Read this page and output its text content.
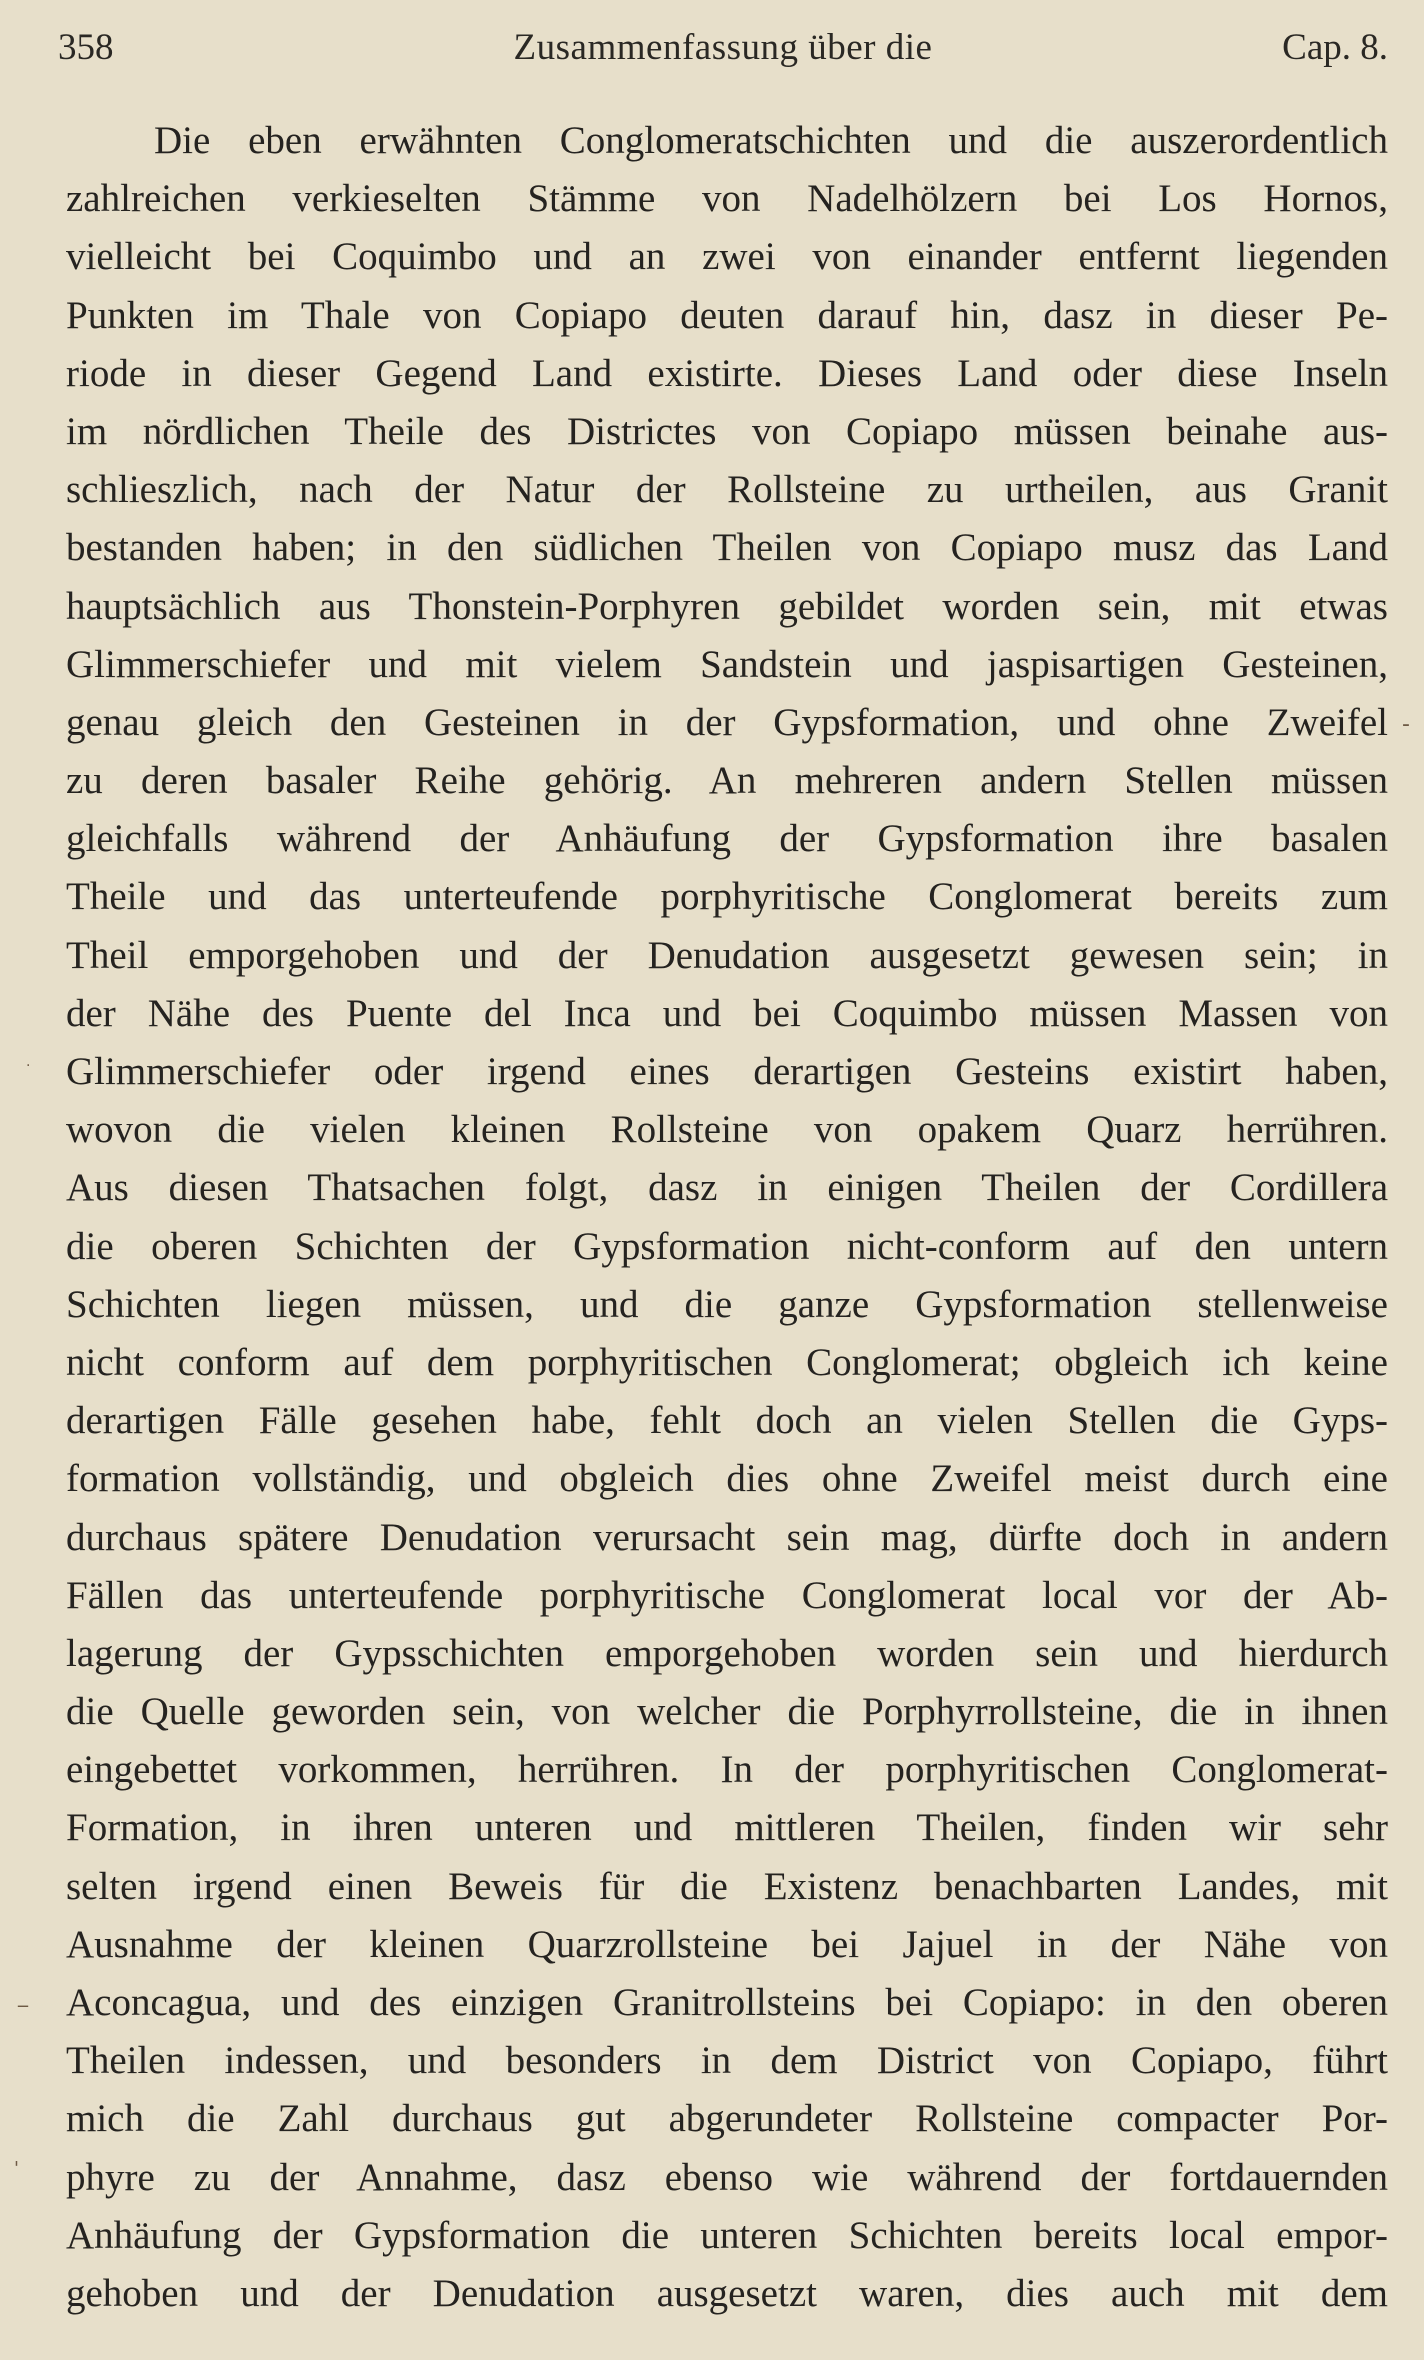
358	Zusammenfassung über die	Cap. 8.
Die eben erwähnten Conglomeratschichten und die auszerordentlich
zahlreichen verkieselten Stämme von Nadelhölzern bei Los Hornos,
vielleicht bei Coquimbo und an zwei von einander entfernt liegenden
Punkten im Thale von Copiapo deuten darauf hin, dasz in dieser Pe-
riode in dieser Gegend Land existirte. Dieses Land oder diese Inseln
im nördlichen Theile des Districtes von Copiapo müssen beinahe aus-
schlieszlich, nach der Natur der Rollsteine zu urtheilen, aus Granit
bestanden haben; in den südlichen Theilen von Copiapo musz das Land
hauptsächlich aus Thonstein-Porphyren gebildet worden sein, mit etwas
Glimmerschiefer und mit vielem Sandstein und jaspisartigen Gesteinen,
genau gleich den Gesteinen in der Gypsformation, und ohne Zweifel
zu deren basaler Reihe gehörig. An mehreren andern Stellen müssen
gleichfalls während der Anhäufung der Gypsformation ihre basalen
Theile und das unterteufende porphyritische Conglomerat bereits zum
Theil emporgehoben und der Denudation ausgesetzt gewesen sein; in
der Nähe des Puente del Inca und bei Coquimbo müssen Massen von
Glimmerschiefer oder irgend eines derartigen Gesteins existirt haben,
wovon die vielen kleinen Rollsteine von opakem Quarz herrühren.
Aus diesen Thatsachen folgt, dasz in einigen Theilen der Cordillera
die oberen Schichten der Gypsformation nicht-conform auf den untern
Schichten liegen müssen, und die ganze Gypsformation stellenweise
nicht conform auf dem porphyritischen Conglomerat; obgleich ich keine
derartigen Fälle gesehen habe, fehlt doch an vielen Stellen die Gyps-
formation vollständig, und obgleich dies ohne Zweifel meist durch eine
durchaus spätere Denudation verursacht sein mag, dürfte doch in andern
Fällen das unterteufende porphyritische Conglomerat local vor der Ab-
lagerung der Gypsschichten emporgehoben worden sein und hierdurch
die Quelle geworden sein, von welcher die Porphyrrollsteine, die in ihnen
eingebettet vorkommen, herrühren. In der porphyritischen Conglomerat-
Formation, in ihren unteren und mittleren Theilen, finden wir sehr
selten irgend einen Beweis für die Existenz benachbarten Landes, mit
Ausnahme der kleinen Quarzrollsteine bei Jajuel in der Nähe von
Aconcagua, und des einzigen Granitrollsteins bei Copiapo: in den oberen
Theilen indessen, und besonders in dem District von Copiapo, führt
mich die Zahl durchaus gut abgerundeter Rollsteine compacter Por-
phyre zu der Annahme, dasz ebenso wie während der fortdauernden
Anhäufung der Gypsformation die unteren Schichten bereits local empor-
gehoben und der Denudation ausgesetzt waren, dies auch mit dem
-
·
‾
'
